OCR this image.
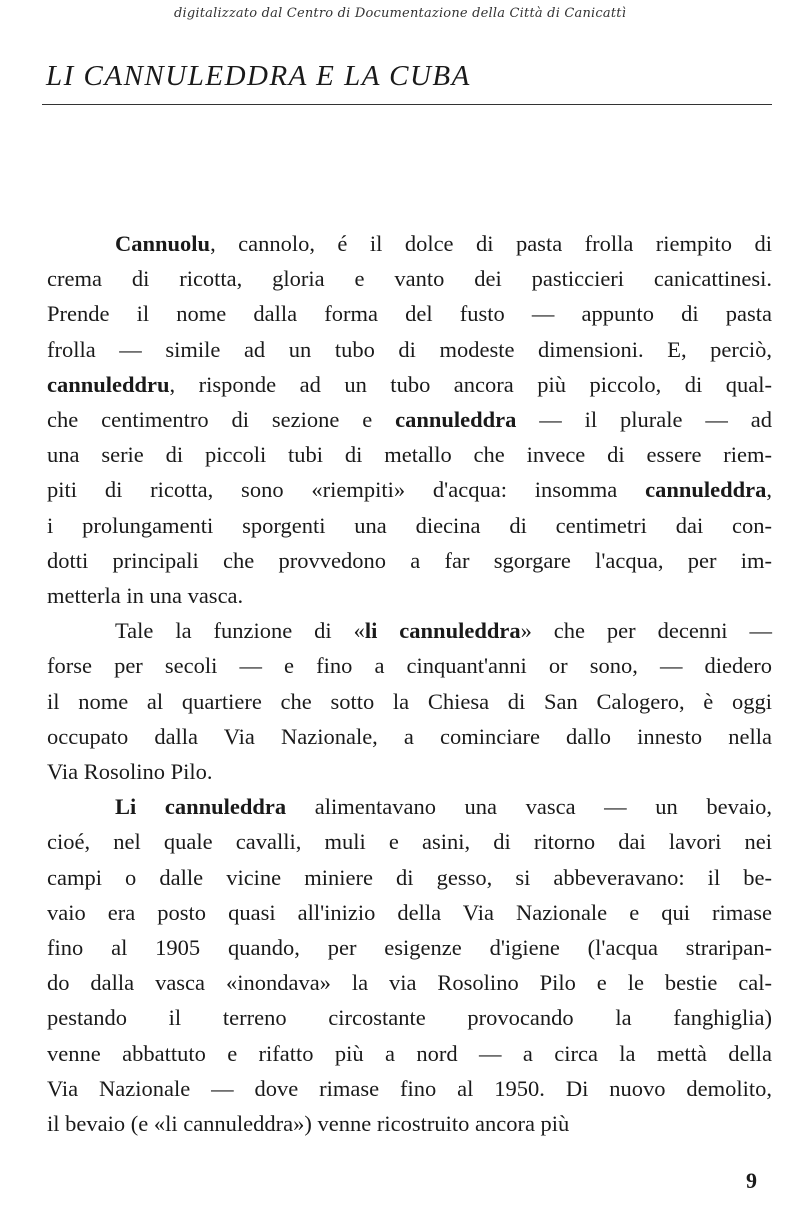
digitalizzato dal Centro di Documentazione della Città di Canicattì
LI CANNULEDDRA E LA CUBA

Cannuolu, cannolo, é il dolce di pasta frolla riempito di
crema di ricotta, gloria e vanto dei pasticcieri canicattinesi.
Prende il nome dalla forma del fusto — appunto di pasta
frolla — simile ad un tubo di modeste dimensioni. E, perciò,
cannuleddru, risponde ad un tubo ancora più piccolo, di qual-
che centimentro di sezione e cannuleddra — il plurale — ad
una serie di piccoli tubi di metallo che invece di essere riem-
piti di ricotta, sono «riempiti» d'acqua: insomma cannuleddra,
i prolungamenti sporgenti una diecina di centimetri dai con-
dotti principali che provvedono a far sgorgare l'acqua, per im-
metterla in una vasca.

Tale la funzione di «li cannuleddra» che per decenni —
forse per secoli — e fino a cinquant'anni or sono, — diedero
il nome al quartiere che sotto la Chiesa di San Calogero, è oggi
occupato dalla Via Nazionale, a cominciare dallo innesto nella
Via Rosolino Pilo.

Li cannuleddra alimentavano una vasca — un bevaio,
cioé, nel quale cavalli, muli e asini, di ritorno dai lavori nei
campi o dalle vicine miniere di gesso, si abbeveravano: il be-
vaio era posto quasi all'inizio della Via Nazionale e qui rimase
fino al 1905 quando, per esigenze d'igiene (l'acqua straripan-
do dalla vasca «inondava» la via Rosolino Pilo e le bestie cal-
pestando il terreno circostante provocando la fanghiglia)
venne abbattuto e rifatto più a nord — a circa la mettà della
Via Nazionale — dove rimase fino al 1950. Di nuovo demolito,
il bevaio (e «li cannuleddra») venne ricostruito ancora più

9
